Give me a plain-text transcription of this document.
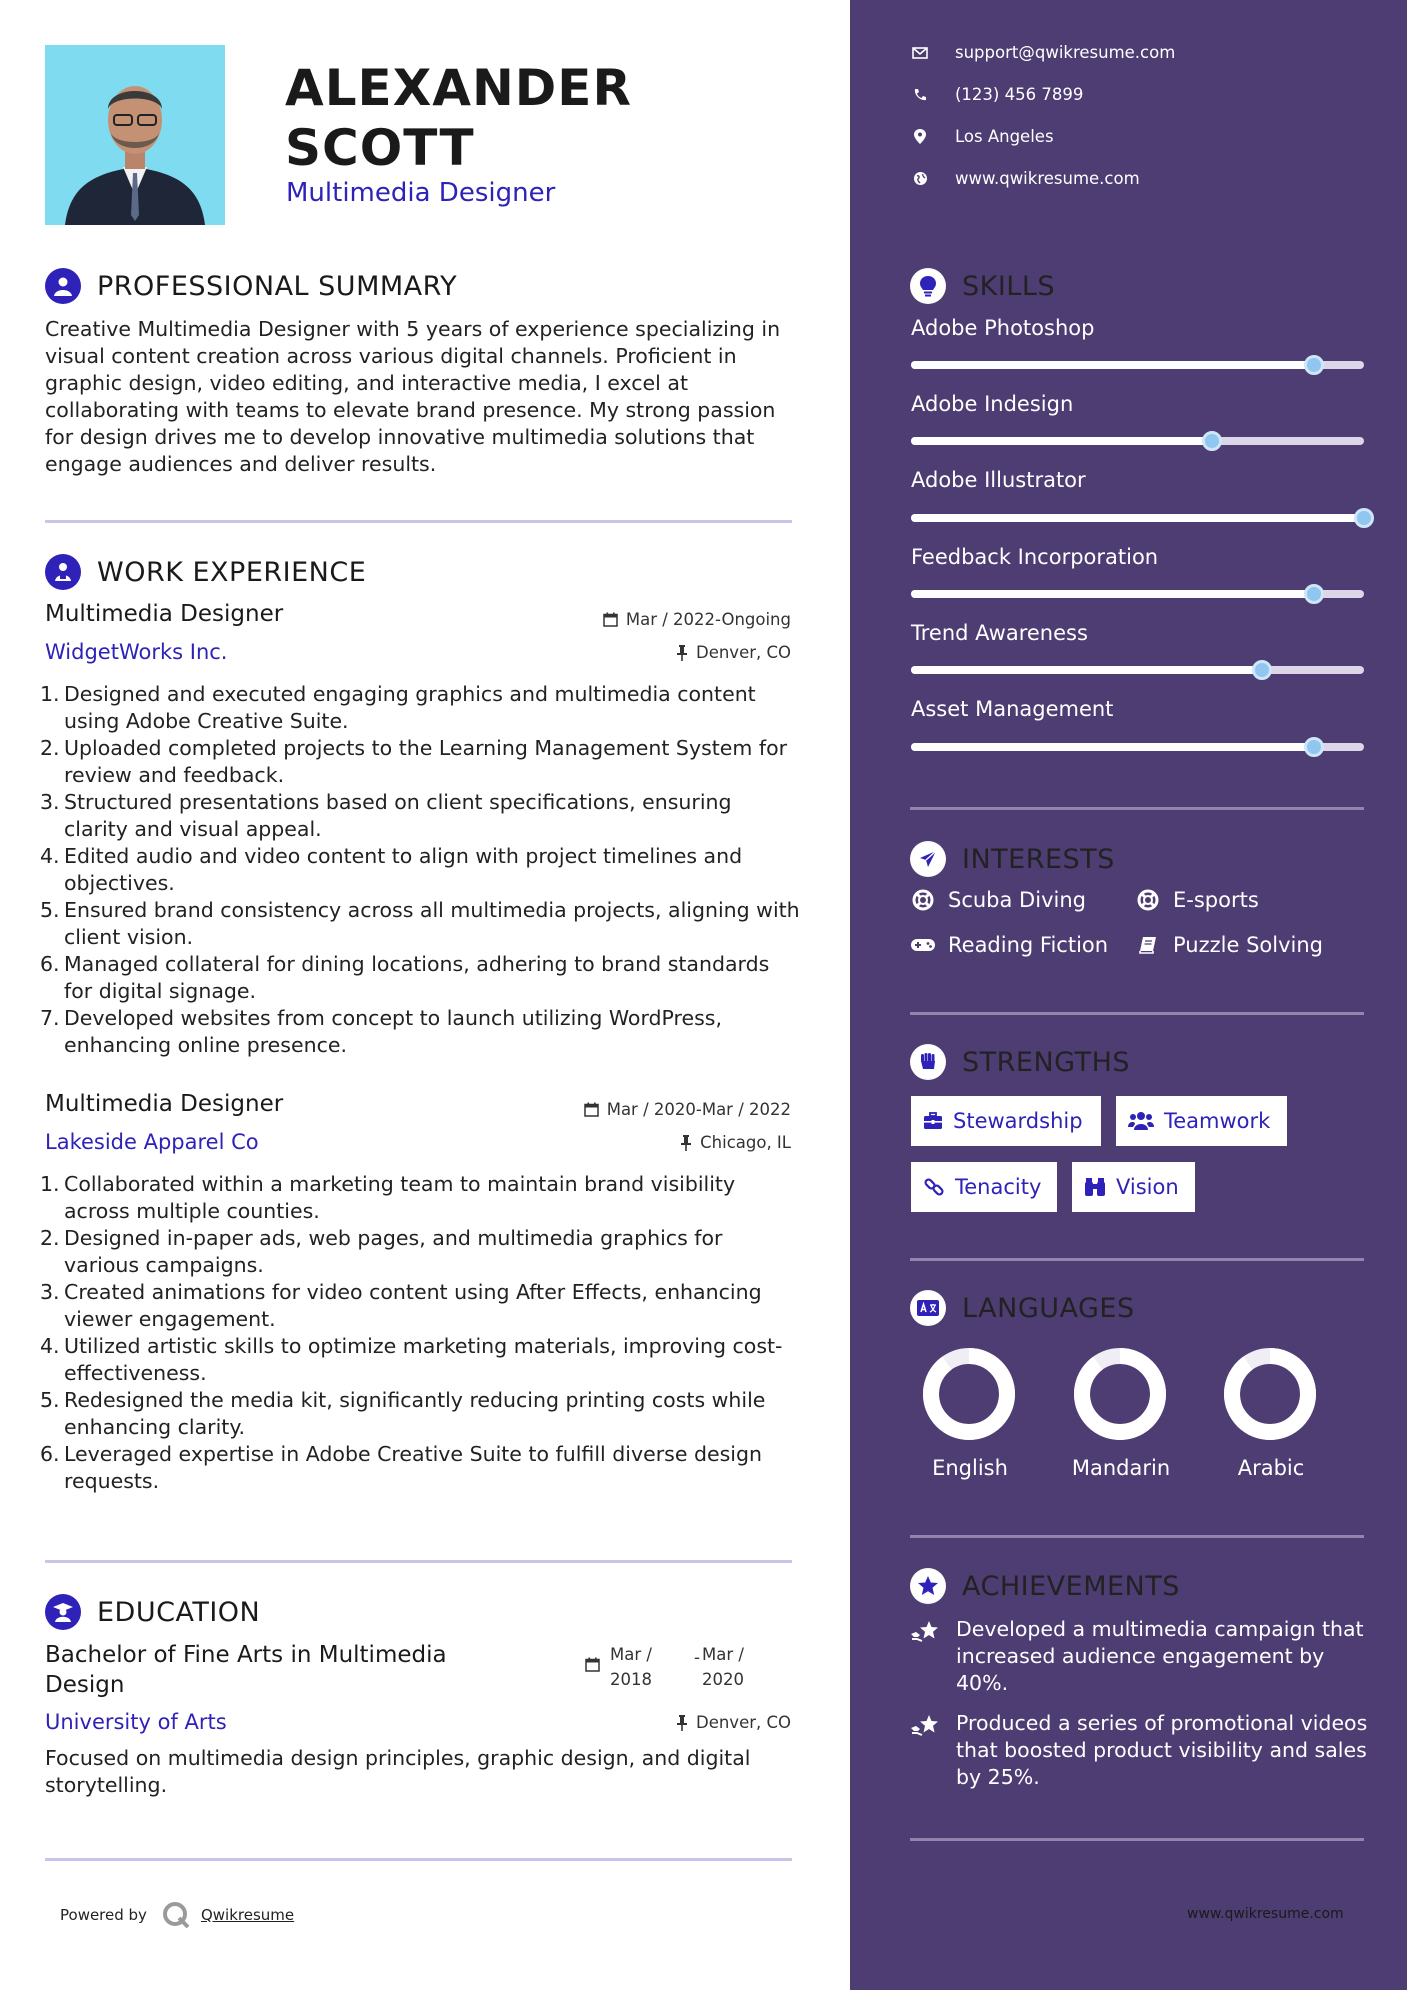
ALEXANDER
SCOTT
Multimedia Designer
PROFESSIONAL SUMMARY
Creative Multimedia Designer with 5 years of experience specializing in visual content creation across various digital channels. Proficient in graphic design, video editing, and interactive media, I excel at collaborating with teams to elevate brand presence. My strong passion for design drives me to develop innovative multimedia solutions that engage audiences and deliver results.
WORK EXPERIENCE
Multimedia Designer
WidgetWorks Inc.
Mar / 2022-Ongoing
Denver, CO
1. Designed and executed engaging graphics and multimedia content using Adobe Creative Suite.
2. Uploaded completed projects to the Learning Management System for review and feedback.
3. Structured presentations based on client specifications, ensuring clarity and visual appeal.
4. Edited audio and video content to align with project timelines and objectives.
5. Ensured brand consistency across all multimedia projects, aligning with client vision.
6. Managed collateral for dining locations, adhering to brand standards for digital signage.
7. Developed websites from concept to launch utilizing WordPress, enhancing online presence.
Multimedia Designer
Lakeside Apparel Co
Mar / 2020-Mar / 2022
Chicago, IL
1. Collaborated within a marketing team to maintain brand visibility across multiple counties.
2. Designed in-paper ads, web pages, and multimedia graphics for various campaigns.
3. Created animations for video content using After Effects, enhancing viewer engagement.
4. Utilized artistic skills to optimize marketing materials, improving cost-effectiveness.
5. Redesigned the media kit, significantly reducing printing costs while enhancing clarity.
6. Leveraged expertise in Adobe Creative Suite to fulfill diverse design requests.
EDUCATION
Bachelor of Fine Arts in Multimedia Design
Mar /
2018
- Mar /
2020
University of Arts	Denver, CO
Focused on multimedia design principles, graphic design, and digital storytelling.
Powered by	Qwikresume
support@qwikresume.com
(123) 456 7899
Los Angeles
www.qwikresume.com
SKILLS
Adobe Photoshop
Adobe Indesign
Adobe Illustrator
Feedback Incorporation
Trend Awareness
Asset Management
INTERESTS
Scuba Diving	E-sports
Reading Fiction	Puzzle Solving
STRENGTHS
Stewardship	Teamwork
Tenacity	Vision
LANGUAGES
English	Mandarin	Arabic
ACHIEVEMENTS
Developed a multimedia campaign that increased audience engagement by 40%.
Produced a series of promotional videos that boosted product visibility and sales by 25%.
www.qwikresume.com
